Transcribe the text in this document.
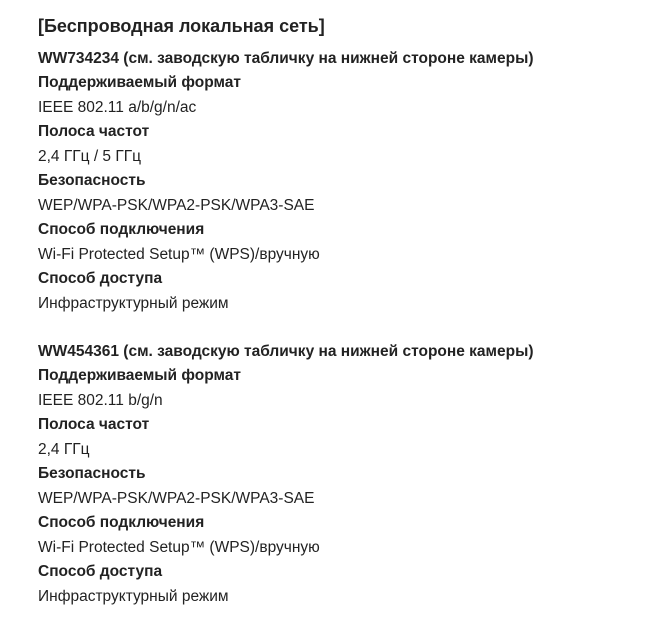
[Беспроводная локальная сеть]
WW734234 (см. заводскую табличку на нижней стороне камеры)
Поддерживаемый формат
IEEE 802.11 a/b/g/n/ac
Полоса частот
2,4 ГГц / 5 ГГц
Безопасность
WEP/WPA-PSK/WPA2-PSK/WPA3-SAE
Способ подключения
Wi-Fi Protected Setup™ (WPS)/вручную
Способ доступа
Инфраструктурный режим
WW454361 (см. заводскую табличку на нижней стороне камеры)
Поддерживаемый формат
IEEE 802.11 b/g/n
Полоса частот
2,4 ГГц
Безопасность
WEP/WPA-PSK/WPA2-PSK/WPA3-SAE
Способ подключения
Wi-Fi Protected Setup™ (WPS)/вручную
Способ доступа
Инфраструктурный режим
